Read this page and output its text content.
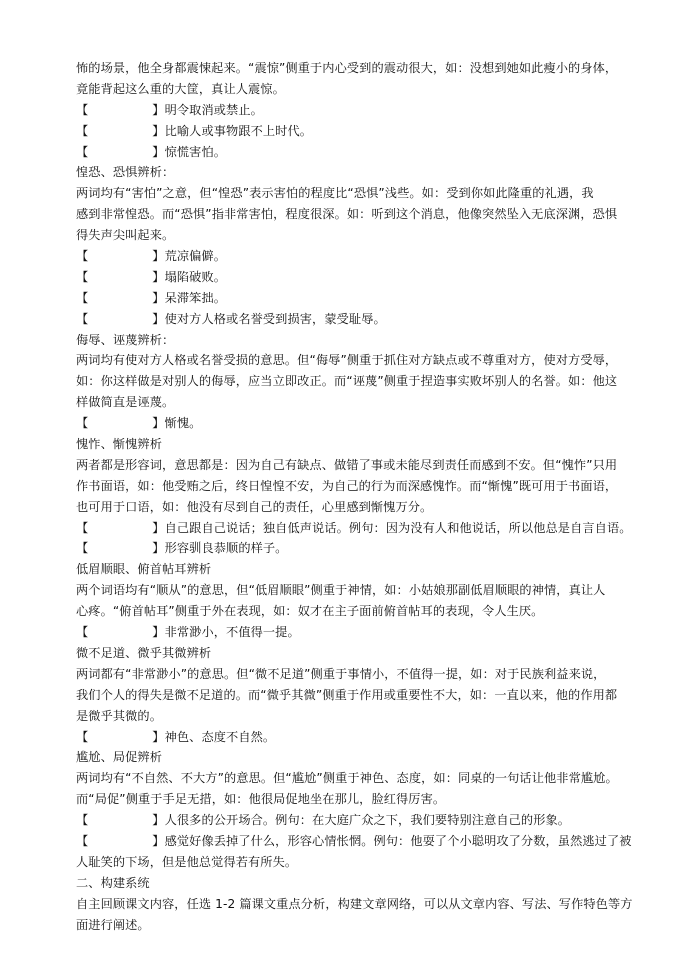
怖的场景，他全身都震悚起来。“震惊”侧重于内心受到的震动很大，如：没想到她如此瘦小的身体，
竟能背起这么重的大筐，真让人震惊。
【	】明令取消或禁止。
【	】比喻人或事物跟不上时代。
【	】惊慌害怕。
惶恐、恐惧辨析：
两词均有“害怕”之意，但“惶恐”表示害怕的程度比“恐惧”浅些。如：受到你如此隆重的礼遇，我
感到非常惶恐。而“恐惧”指非常害怕，程度很深。如：听到这个消息，他像突然坠入无底深渊，恐惧
得失声尖叫起来。
【	】荒凉偏僻。
【	】塌陷破败。
【	】呆滞笨拙。
【	】使对方人格或名誉受到损害，蒙受耻辱。
侮辱、诬蔑辨析：
两词均有使对方人格或名誉受损的意思。但“侮辱”侧重于抓住对方缺点或不尊重对方，使对方受辱，
如：你这样做是对别人的侮辱，应当立即改正。而“诬蔑”侧重于捏造事实败坏别人的名誉。如：他这
样做简直是诬蔑。
【	】惭愧。
愧怍、惭愧辨析
两者都是形容词，意思都是：因为自己有缺点、做错了事或未能尽到责任而感到不安。但“愧怍”只用
作书面语，如：他受贿之后，终日惶惶不安，为自己的行为而深感愧怍。而“惭愧”既可用于书面语，
也可用于口语，如：他没有尽到自己的责任，心里感到惭愧万分。
【	】自己跟自己说话；独自低声说话。例句：因为没有人和他说话，所以他总是自言自语。
【	】形容驯良恭顺的样子。
低眉顺眼、俯首帖耳辨析
两个词语均有“顺从”的意思，但“低眉顺眼”侧重于神情，如：小姑娘那副低眉顺眼的神情，真让人
心疼。“俯首帖耳”侧重于外在表现，如：奴才在主子面前俯首帖耳的表现，令人生厌。
【	】非常渺小，不值得一提。
微不足道、微乎其微辨析
两词都有“非常渺小”的意思。但“微不足道”侧重于事情小，不值得一提，如：对于民族利益来说，
我们个人的得失是微不足道的。而“微乎其微”侧重于作用或重要性不大，如：一直以来，他的作用都
是微乎其微的。
【	】神色、态度不自然。
尴尬、局促辨析
两词均有“不自然、不大方”的意思。但“尴尬”侧重于神色、态度，如：同桌的一句话让他非常尴尬。
而“局促”侧重于手足无措，如：他很局促地坐在那儿，脸红得厉害。
【	】人很多的公开场合。例句：在大庭广众之下，我们要特别注意自己的形象。
【	】感觉好像丢掉了什么，形容心情怅惘。例句：他耍了个小聪明攻了分数，虽然逃过了被
人耻笑的下场，但是他总觉得若有所失。
二、构建系统
自主回顾课文内容，任选 1-2 篇课文重点分析，构建文章网络，可以从文章内容、写法、写作特色等方
面进行阐述。
